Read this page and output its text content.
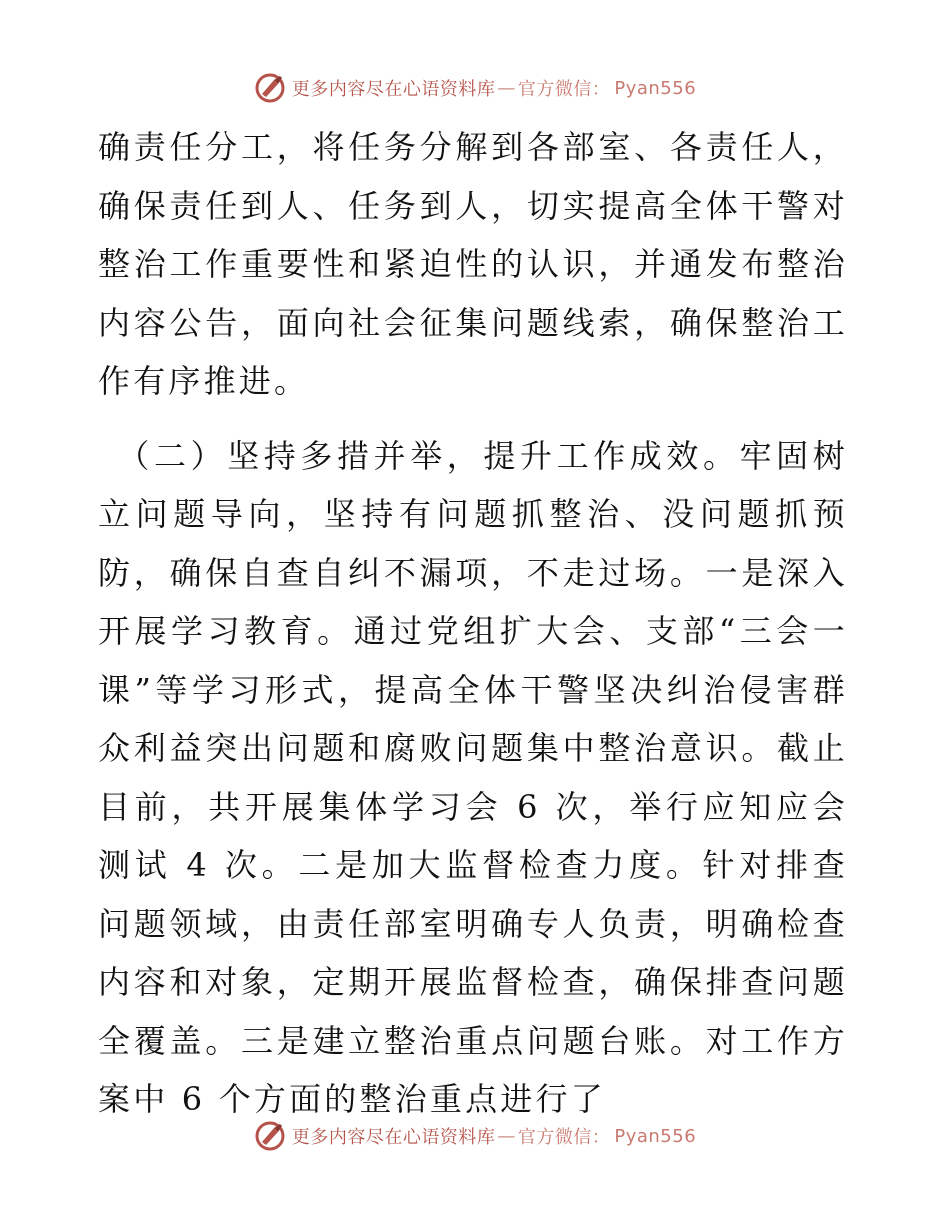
更多内容尽在心语资料库 — 官方微信： Pyan556

确责任分工，将任务分解到各部室、各责任人，确保责任到人、任务到人，切实提高全体干警对整治工作重要性和紧迫性的认识，并通发布整治内容公告，面向社会征集问题线索，确保整治工作有序推进。

（二）坚持多措并举，提升工作成效。牢固树立问题导向，坚持有问题抓整治、没问题抓预防，确保自查自纠不漏项，不走过场。一是深入开展学习教育。通过党组扩大会、支部“三会一课”等学习形式，提高全体干警坚决纠治侵害群众利益突出问题和腐败问题集中整治意识。截止目前，共开展集体学习会 6 次，举行应知应会测试 4 次。二是加大监督检查力度。针对排查问题领域，由责任部室明确专人负责，明确检查内容和对象，定期开展监督检查，确保排查问题全覆盖。三是建立整治重点问题台账。对工作方案中 6 个方面的整治重点进行了

更多内容尽在心语资料库 — 官方微信： Pyan556
